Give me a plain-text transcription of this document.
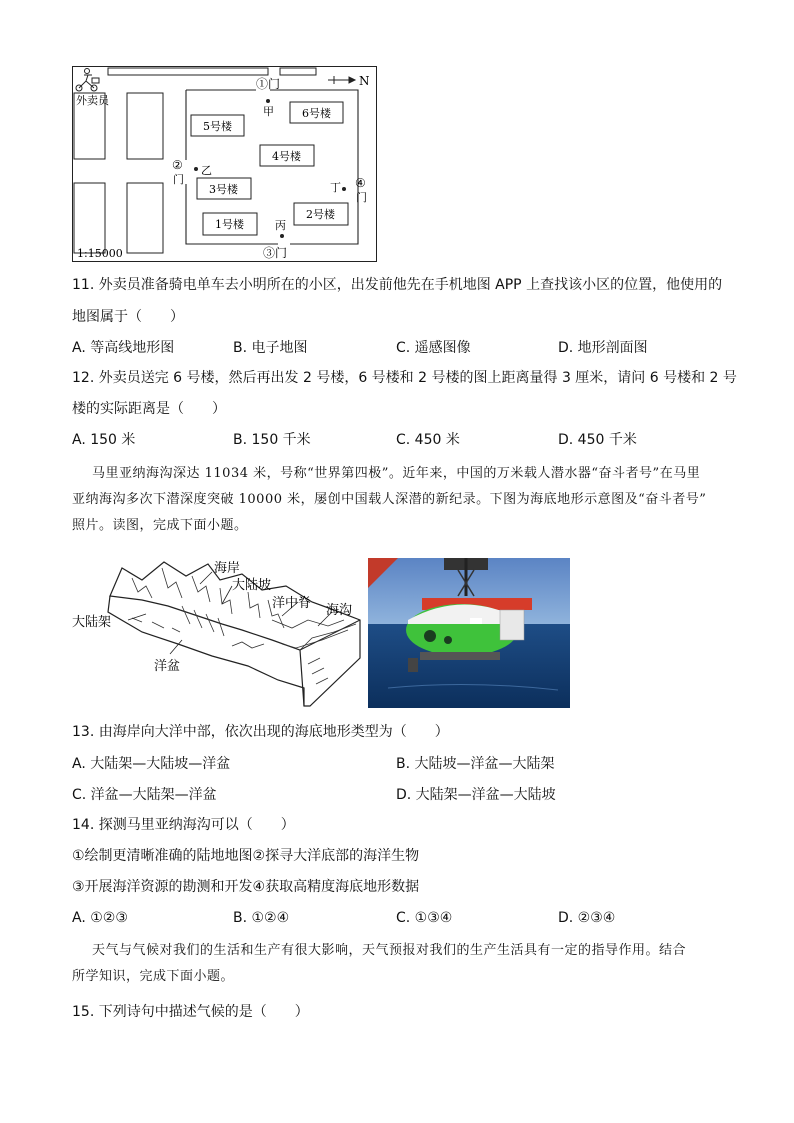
①门	N
外卖员
甲
5号楼
6号楼
4号楼
②
门
乙
3号楼	丁 ④
门
2号楼
1号楼	丙
③门
1:15000
11. 外卖员准备骑电单车去小明所在的小区，出发前他先在手机地图 APP 上查找该小区的位置，他使用的
地图属于（　　）
A. 等高线地形图	B. 电子地图	C. 遥感图像	D. 地形剖面图
12. 外卖员送完 6 号楼，然后再出发 2 号楼，6 号楼和 2 号楼的图上距离量得 3 厘米，请问 6 号楼和 2 号
楼的实际距离是（　　）
A. 150 米	B. 150 千米	C. 450 米	D. 450 千米
马里亚纳海沟深达 11034 米，号称“世界第四极”。近年来，中国的万米载人潜水器“奋斗者号”在马里
亚纳海沟多次下潜深度突破 10000 米，屡创中国载人深潜的新纪录。下图为海底地形示意图及“奋斗者号”
照片。读图，完成下面小题。
海岸
大陆坡
洋中脊 海沟
大陆架
洋盆
13. 由海岸向大洋中部，依次出现的海底地形类型为（　　）
A. 大陆架—大陆坡—洋盆	B. 大陆坡—洋盆—大陆架
C. 洋盆—大陆架—洋盆	D. 大陆架—洋盆—大陆坡
14. 探测马里亚纳海沟可以（　　）
①绘制更清晰准确的陆地地图②探寻大洋底部的海洋生物
③开展海洋资源的勘测和开发④获取高精度海底地形数据
A. ①②③	B. ①②④	C. ①③④	D. ②③④
天气与气候对我们的生活和生产有很大影响，天气预报对我们的生产生活具有一定的指导作用。结合
所学知识，完成下面小题。
15. 下列诗句中描述气候的是（　　）
